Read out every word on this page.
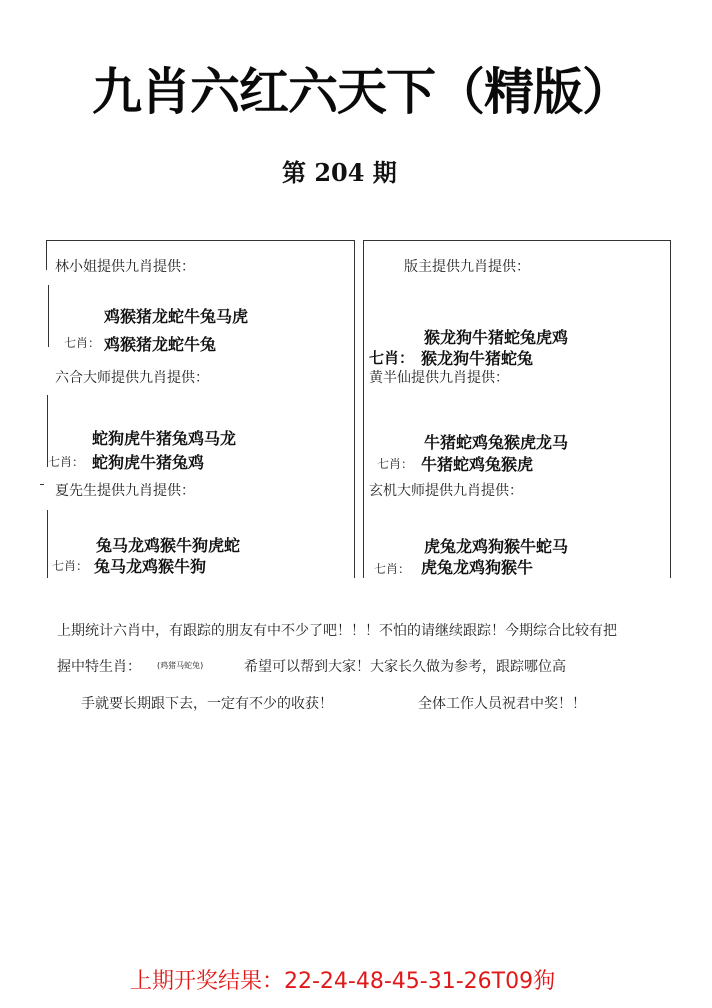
九肖六红六天下（精版）
第 204 期
林小姐提供九肖提供：
鸡猴猪龙蛇牛兔马虎
七肖： 鸡猴猪龙蛇牛兔
版主提供九肖提供：
猴龙狗牛猪蛇兔虎鸡
七肖： 猴龙狗牛猪蛇兔
六合大师提供九肖提供：
蛇狗虎牛猪兔鸡马龙
七肖： 蛇狗虎牛猪兔鸡
黄半仙提供九肖提供：
牛猪蛇鸡兔猴虎龙马
七肖： 牛猪蛇鸡兔猴虎
夏先生提供九肖提供：
兔马龙鸡猴牛狗虎蛇
七肖： 兔马龙鸡猴牛狗
玄机大师提供九肖提供：
虎兔龙鸡狗猴牛蛇马
七肖： 虎兔龙鸡狗猴牛
上期统计六肖中，有跟踪的朋友有中不少了吧！！！不怕的请继续跟踪！今期综合比较有把
握中特生肖： (鸡猪马蛇兔)	希望可以帮到大家！大家长久做为参考，跟踪哪位高
手就要长期跟下去，一定有不少的收获！	全体工作人员祝君中奖！！
上期开奖结果：22-24-48-45-31-26T09狗
